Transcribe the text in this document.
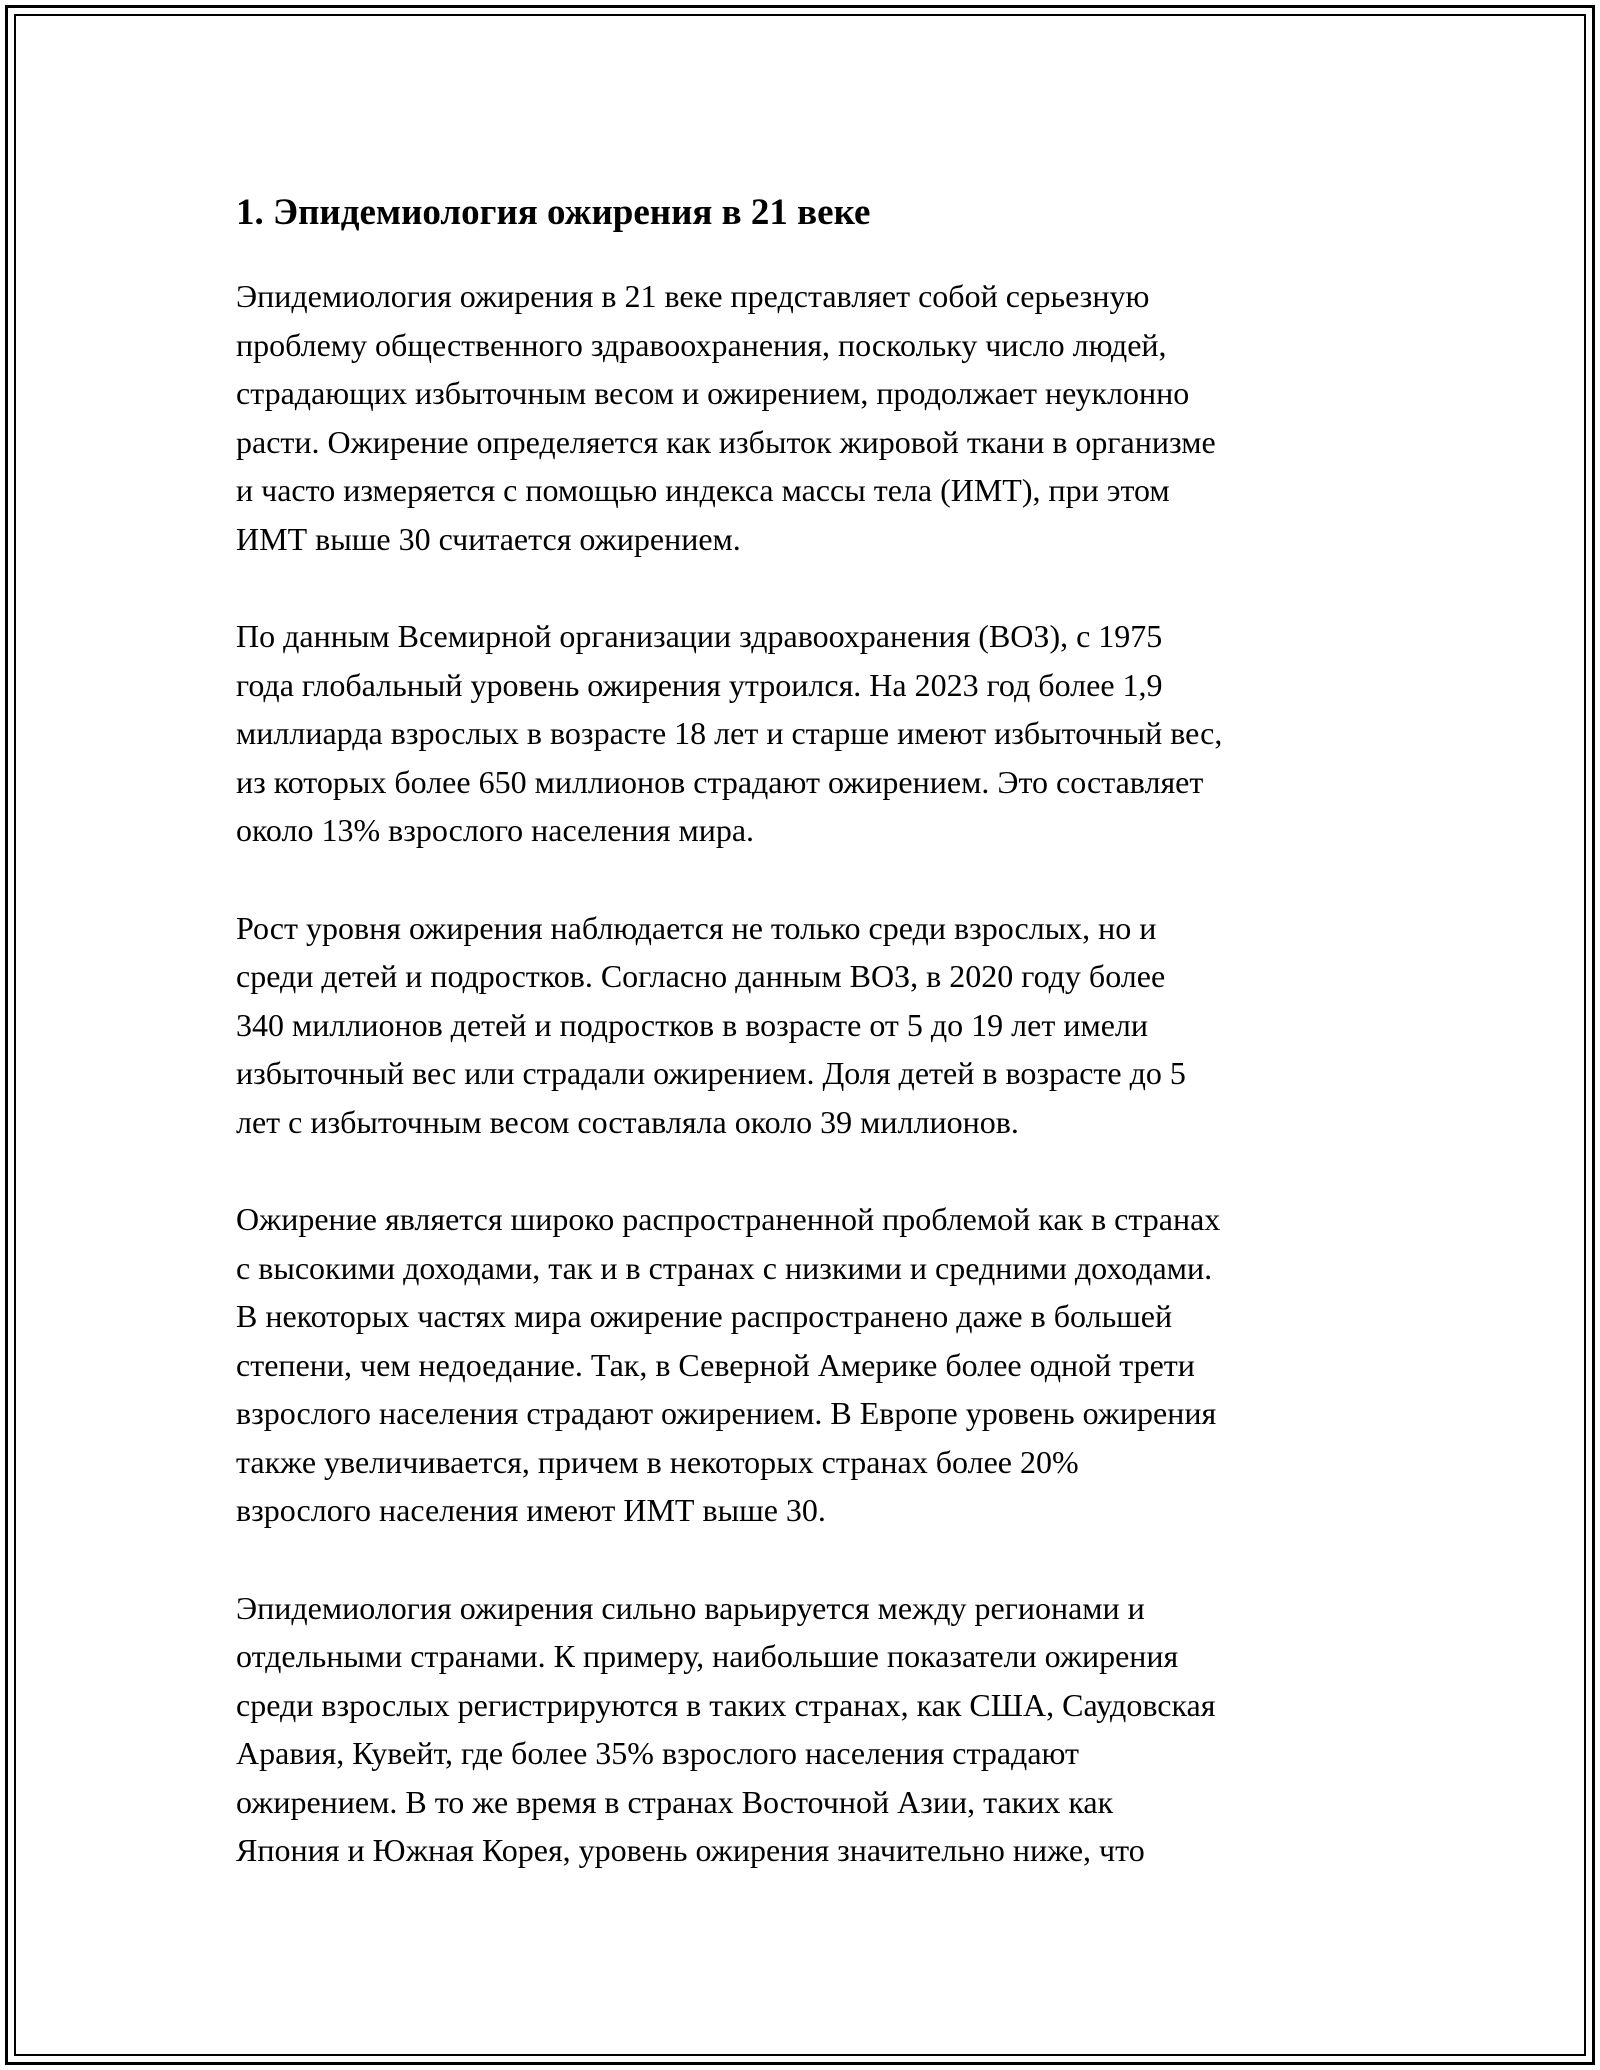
1. Эпидемиология ожирения в 21 веке
Эпидемиология ожирения в 21 веке представляет собой серьезную
проблему общественного здравоохранения, поскольку число людей,
страдающих избыточным весом и ожирением, продолжает неуклонно
расти. Ожирение определяется как избыток жировой ткани в организме
и часто измеряется с помощью индекса массы тела (ИМТ), при этом
ИМТ выше 30 считается ожирением.
По данным Всемирной организации здравоохранения (ВОЗ), с 1975
года глобальный уровень ожирения утроился. На 2023 год более 1,9
миллиарда взрослых в возрасте 18 лет и старше имеют избыточный вес,
из которых более 650 миллионов страдают ожирением. Это составляет
около 13% взрослого населения мира.
Рост уровня ожирения наблюдается не только среди взрослых, но и
среди детей и подростков. Согласно данным ВОЗ, в 2020 году более
340 миллионов детей и подростков в возрасте от 5 до 19 лет имели
избыточный вес или страдали ожирением. Доля детей в возрасте до 5
лет с избыточным весом составляла около 39 миллионов.
Ожирение является широко распространенной проблемой как в странах
с высокими доходами, так и в странах с низкими и средними доходами.
В некоторых частях мира ожирение распространено даже в большей
степени, чем недоедание. Так, в Северной Америке более одной трети
взрослого населения страдают ожирением. В Европе уровень ожирения
также увеличивается, причем в некоторых странах более 20%
взрослого населения имеют ИМТ выше 30.
Эпидемиология ожирения сильно варьируется между регионами и
отдельными странами. К примеру, наибольшие показатели ожирения
среди взрослых регистрируются в таких странах, как США, Саудовская
Аравия, Кувейт, где более 35% взрослого населения страдают
ожирением. В то же время в странах Восточной Азии, таких как
Япония и Южная Корея, уровень ожирения значительно ниже, что
